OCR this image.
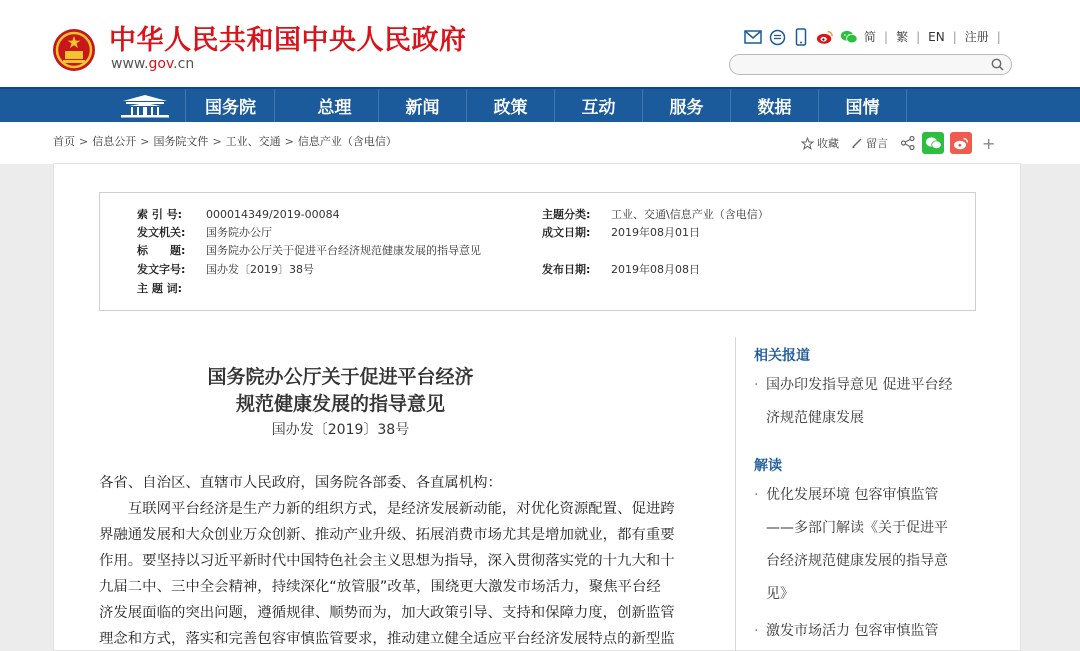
中华人民共和国中央人民政府
www.gov.cn
简 | 繁 | EN | 注册 |
国务院	总理	新闻	政策	互动	服务	数据	国情
首页 > 信息公开 > 国务院文件 > 工业、交通 > 信息产业（含电信）	收藏 留言	+
索 引 号:	000014349/2019-00084	主题分类:	工业、交通\信息产业（含电信）
发文机关:	国务院办公厅	成文日期:	2019年08月01日
标　　题:	国务院办公厅关于促进平台经济规范健康发展的指导意见
发文字号:	国办发〔2019〕38号	发布日期:	2019年08月08日
主 题 词:
国务院办公厅关于促进平台经济
规范健康发展的指导意见
国办发〔2019〕38号
各省、自治区、直辖市人民政府，国务院各部委、各直属机构：
　　互联网平台经济是生产力新的组织方式，是经济发展新动能，对优化资源配置、促进跨
界融通发展和大众创业万众创新、推动产业升级、拓展消费市场尤其是增加就业，都有重要
作用。要坚持以习近平新时代中国特色社会主义思想为指导，深入贯彻落实党的十九大和十
九届二中、三中全会精神，持续深化“放管服”改革，围绕更大激发市场活力，聚焦平台经
济发展面临的突出问题，遵循规律、顺势而为，加大政策引导、支持和保障力度，创新监管
理念和方式，落实和完善包容审慎监管要求，推动建立健全适应平台经济发展特点的新型监
相关报道
· 国办印发指导意见 促进平台经
济规范健康发展
解读
· 优化发展环境 包容审慎监管
——多部门解读《关于促进平
台经济规范健康发展的指导意
见》
· 激发市场活力 包容审慎监管
